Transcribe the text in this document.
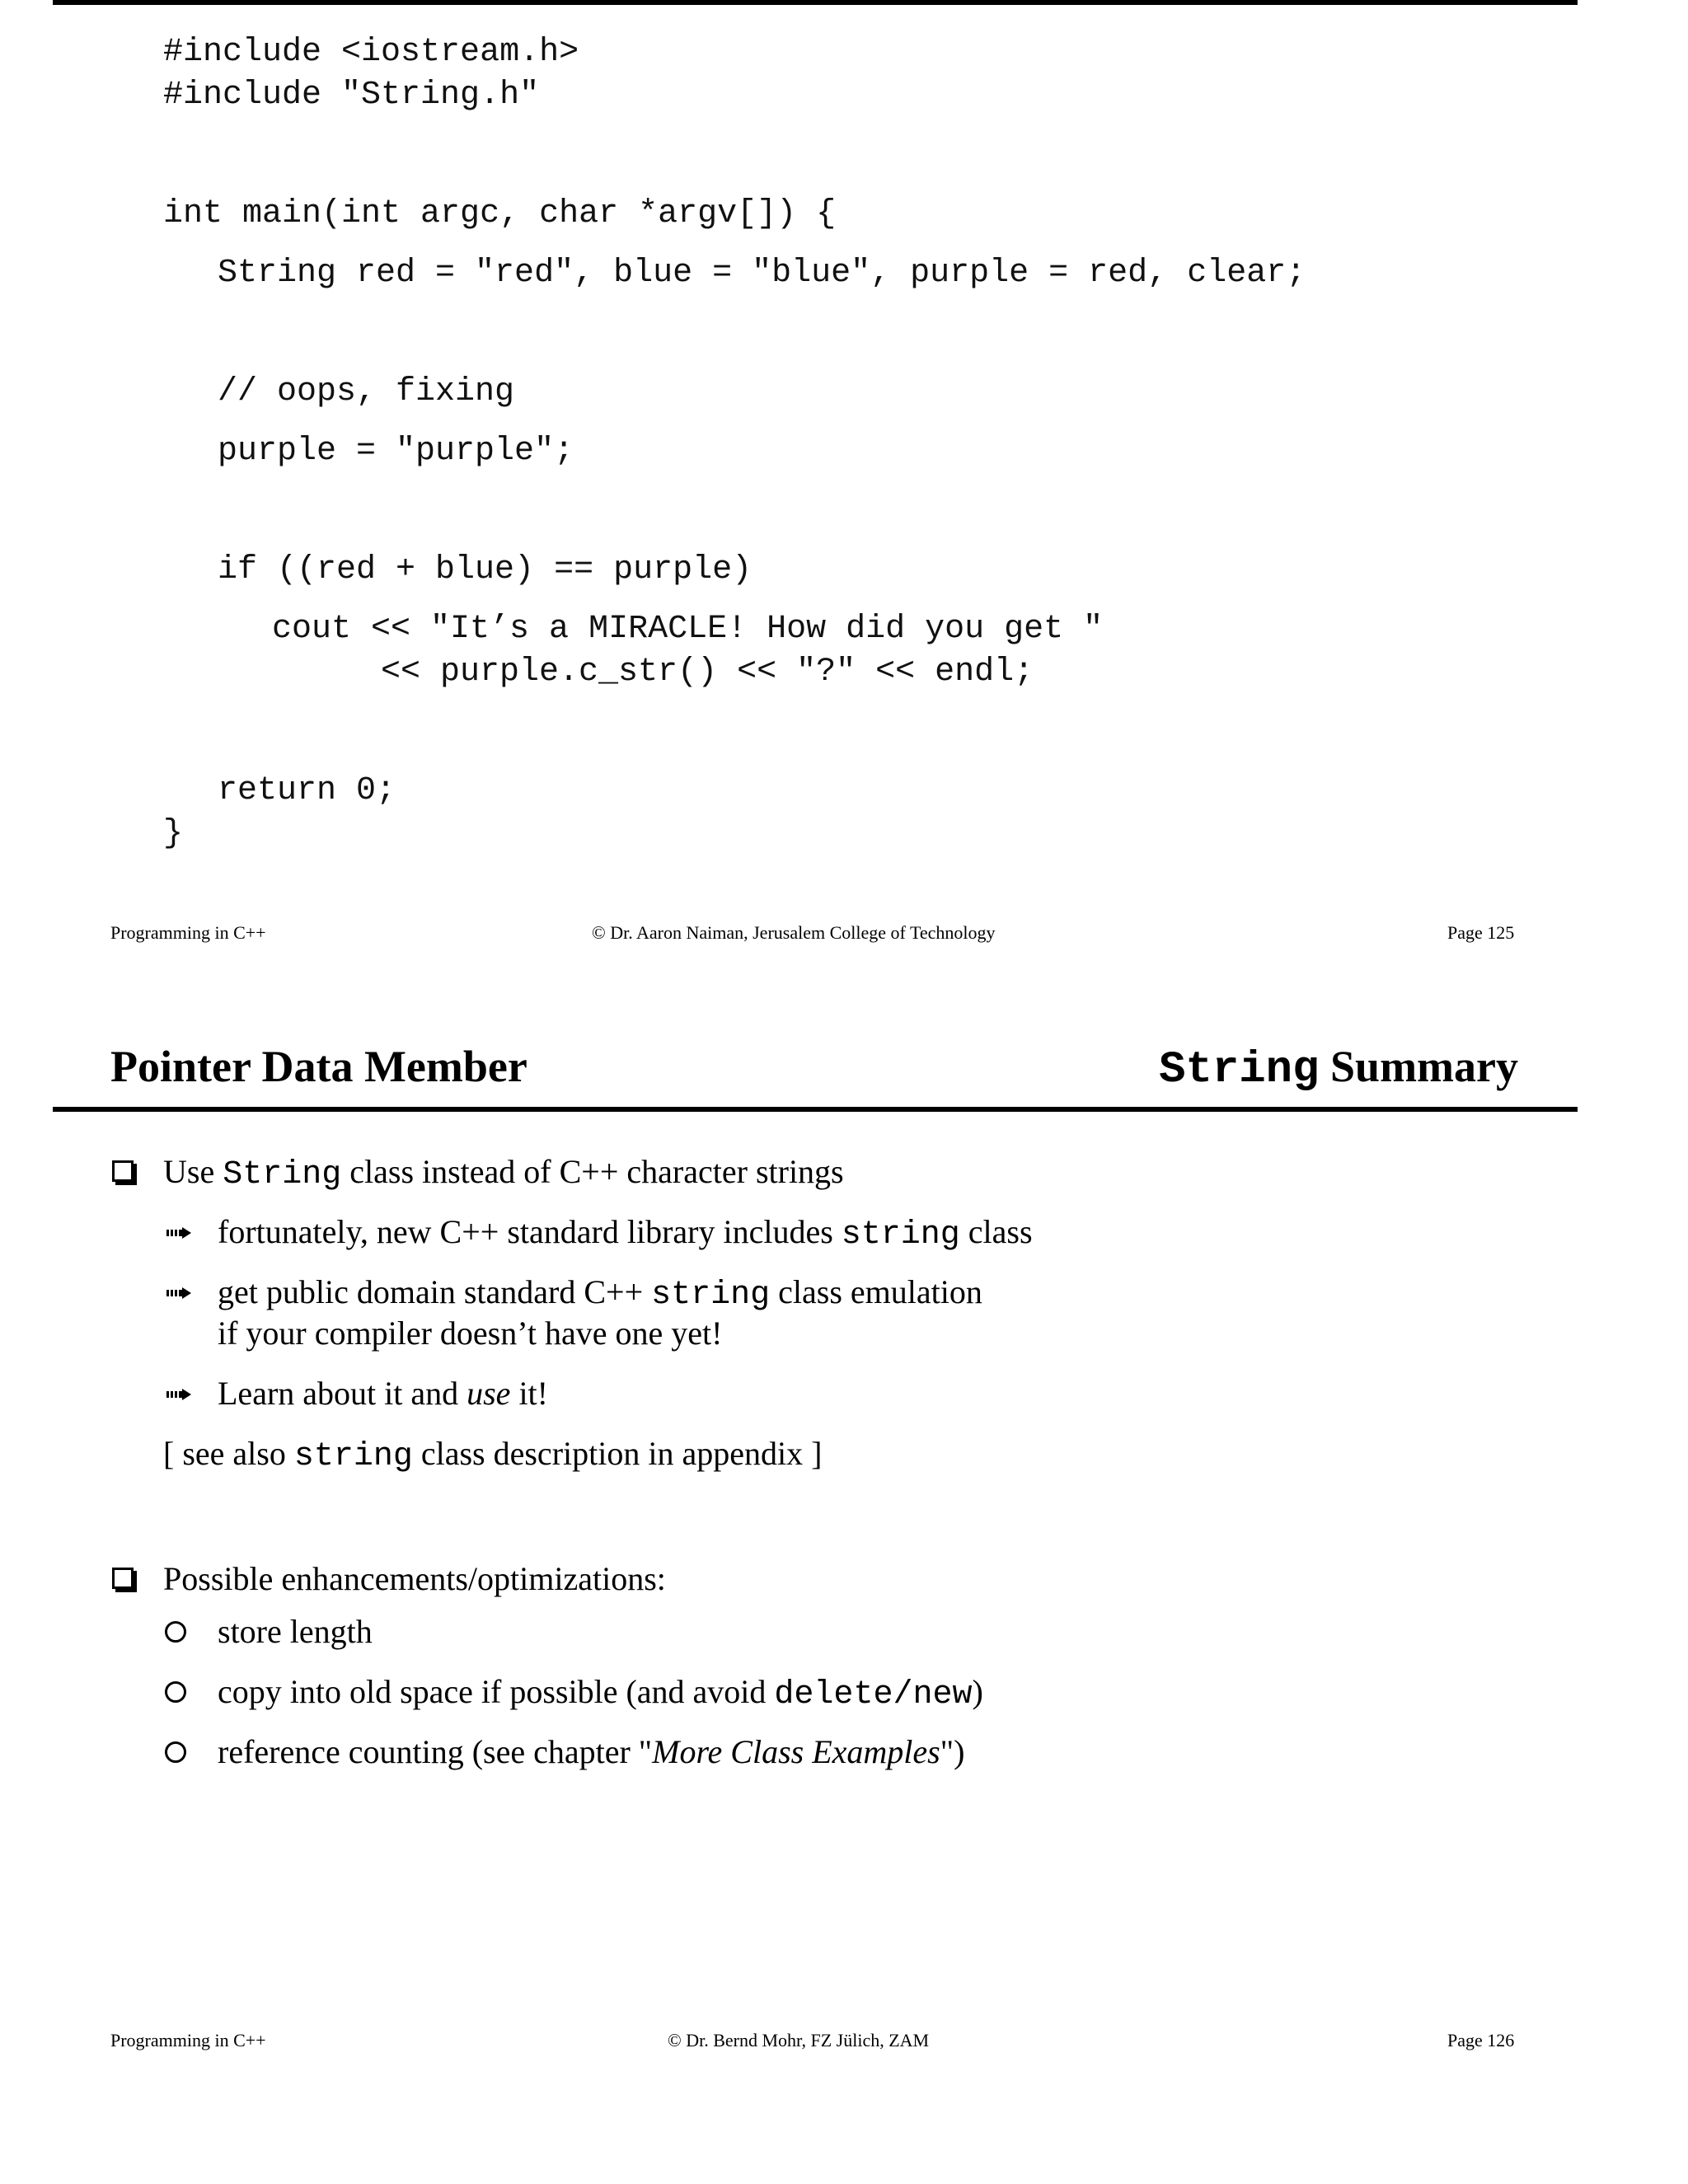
#include <iostream.h>
#include "String.h"
int main(int argc, char *argv[]) {
String red = "red", blue = "blue", purple = red, clear;
// oops, fixing
purple = "purple";
if ((red + blue) == purple)
cout << "It’s a MIRACLE! How did you get "
<< purple.c_str() << "?" << endl;
return 0;
}
Programming in C++	© Dr. Aaron Naiman, Jerusalem College of Technology	Page 125
Pointer Data Member	String Summary
Use String class instead of C++ character strings
fortunately, new C++ standard library includes string class
get public domain standard C++ string class emulation
if your compiler doesn’t have one yet!
Learn about it and use it!
[ see also string class description in appendix ]
Possible enhancements/optimizations:
store length
copy into old space if possible (and avoid delete/new)
reference counting (see chapter "More Class Examples")
Programming in C++	© Dr. Bernd Mohr, FZ Jülich, ZAM	Page 126
